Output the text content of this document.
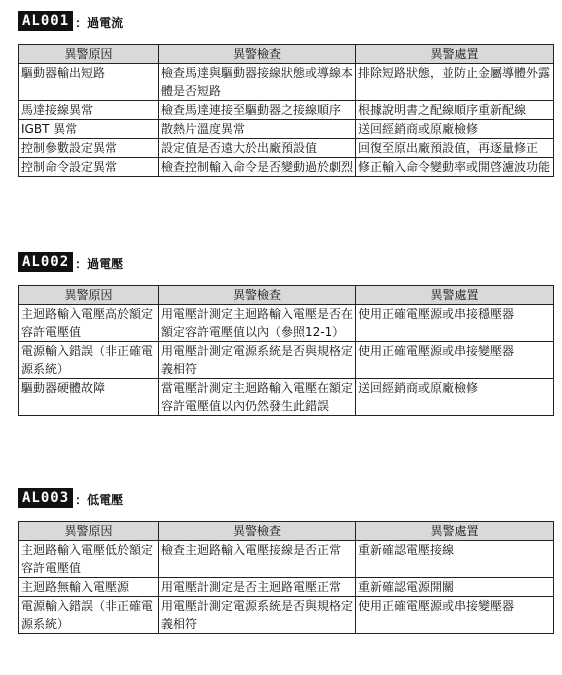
AL001 ：過電流
異警原因	異警檢查	異警處置
驅動器輸出短路	檢查馬達與驅動器接線狀態或導線本體是否短路	排除短路狀態，並防止金屬導體外露
馬達接線異常	檢查馬達連接至驅動器之接線順序	根據說明書之配線順序重新配線
IGBT 異常	散熱片溫度異常	送回經銷商或原廠檢修
控制參數設定異常	設定值是否遠大於出廠預設值	回復至原出廠預設值，再逐量修正
控制命令設定異常	檢查控制輸入命令是否變動過於劇烈	修正輸入命令變動率或開啓濾波功能
AL002 ：過電壓
異警原因	異警檢查	異警處置
主迴路輸入電壓高於額定容許電壓值	用電壓計測定主迴路輸入電壓是否在額定容許電壓值以內（參照12-1）	使用正確電壓源或串接穩壓器
電源輸入錯誤（非正確電源系統）	用電壓計測定電源系統是否與規格定義相符	使用正確電壓源或串接變壓器
驅動器硬體故障	當電壓計測定主迴路輸入電壓在額定容許電壓值以內仍然發生此錯誤	送回經銷商或原廠檢修
AL003 ：低電壓
異警原因	異警檢查	異警處置
主迴路輸入電壓低於額定容許電壓值	檢查主迴路輸入電壓接線是否正常	重新確認電壓接線
主迴路無輸入電壓源	用電壓計測定是否主迴路電壓正常	重新確認電源開關
電源輸入錯誤（非正確電源系統）	用電壓計測定電源系統是否與規格定義相符	使用正確電壓源或串接變壓器
